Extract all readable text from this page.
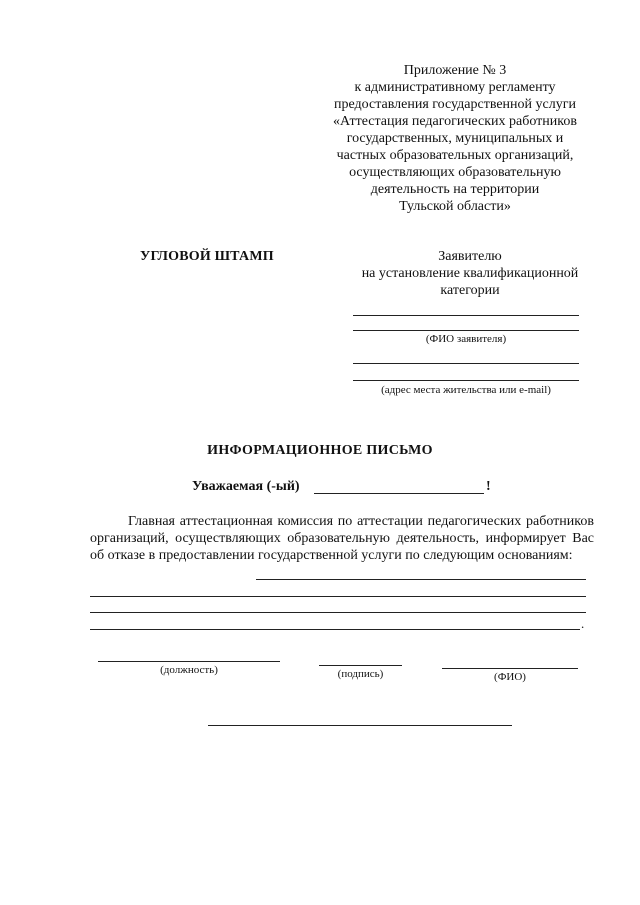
Приложение № 3
к административному регламенту
предоставления государственной услуги
«Аттестация педагогических работников
государственных, муниципальных и
частных образовательных организаций,
осуществляющих образовательную
деятельность на территории
Тульской области»
УГЛОВОЙ ШТАМП	Заявителю
на установление квалификационной
категории
(ФИО заявителя)
(адрес места жительства или e-mail)
ИНФОРМАЦИОННОЕ ПИСЬМО
Уважаемая (-ый)	!
Главная аттестационная комиссия по аттестации педагогических работников организаций, осуществляющих образовательную деятельность, информирует Вас об отказе в предоставлении государственной услуги по следующим основаниям:
.
(должность)	(подпись)	(ФИО)
